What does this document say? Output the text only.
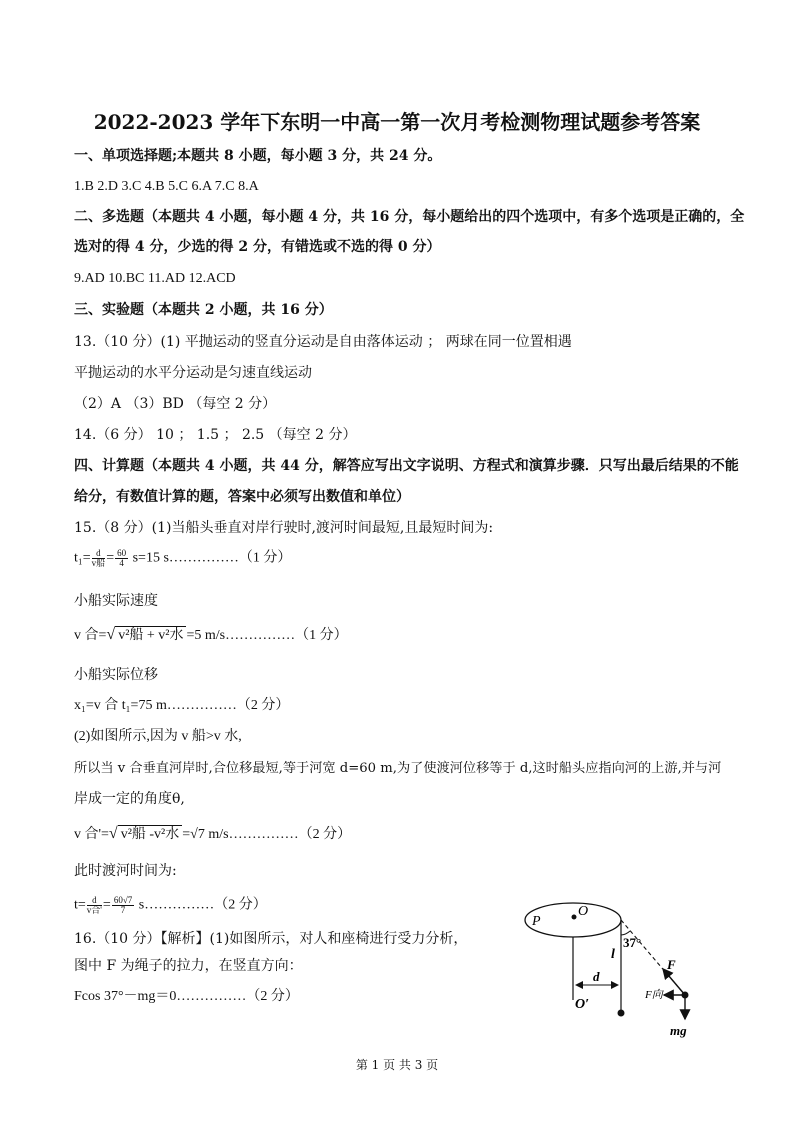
2022-2023 学年下东明一中高一第一次月考检测物理试题参考答案
一、单项选择题;本题共 8 小题，每小题 3 分，共 24 分。
1.B 2.D 3.C 4.B 5.C 6.A 7.C 8.A
二、多选题（本题共 4 小题，每小题 4 分，共 16 分，每小题给出的四个选项中，有多个选项是正确的，全
选对的得 4 分，少选的得 2 分，有错选或不选的得 0 分）
9.AD 10.BC 11.AD 12.ACD
三、实验题（本题共 2 小题，共 16 分）
13.（10 分）(1) 平抛运动的竖直分运动是自由落体运动 ； 两球在同一位置相遇
平抛运动的水平分运动是匀速直线运动
（2）A （3）BD （每空 2 分）
14.（6 分） 10 ； 1.5 ； 2.5 （每空 2 分）
四、计算题（本题共 4 小题，共 44 分，解答应写出文字说明、方程式和演算步骤．只写出最后结果的不能
给分，有数值计算的题，答案中必须写出数值和单位）
15.（8 分）(1)当船头垂直对岸行驶时,渡河时间最短,且最短时间为:
$t_1= \frac{d}{\text{v船}} = \frac{60}{4} s=15$ s……………（1 分）
小船实际速度
v 合=√ v²船 + v²水 =5 m/s……………（1 分）
小船实际位移
x₁=v 合 t₁=75 m……………（2 分）
(2)如图所示,因为 v 船>v 水,
所以当 v 合垂直河岸时,合位移最短,等于河宽 d=60 m,为了使渡河位移等于 d,这时船头应指向河的上游,并与河
岸成一定的角度θ,
v 合'=√ v²船 -v²水 =√7 m/s……………（2 分）
此时渡河时间为:
$t= \frac{d}{\text{v合'}} = \frac{60√7}{7}$ s……………（2 分）
16.（10 分）【解析】(1)如图所示，对人和座椅进行受力分析，
图中 F 为绳子的拉力，在竖直方向：
Fcos 37°－mg＝0……………（2 分）
P
O
37°
l
F
d
F向
O′
mg
第 1 页 共 3 页
